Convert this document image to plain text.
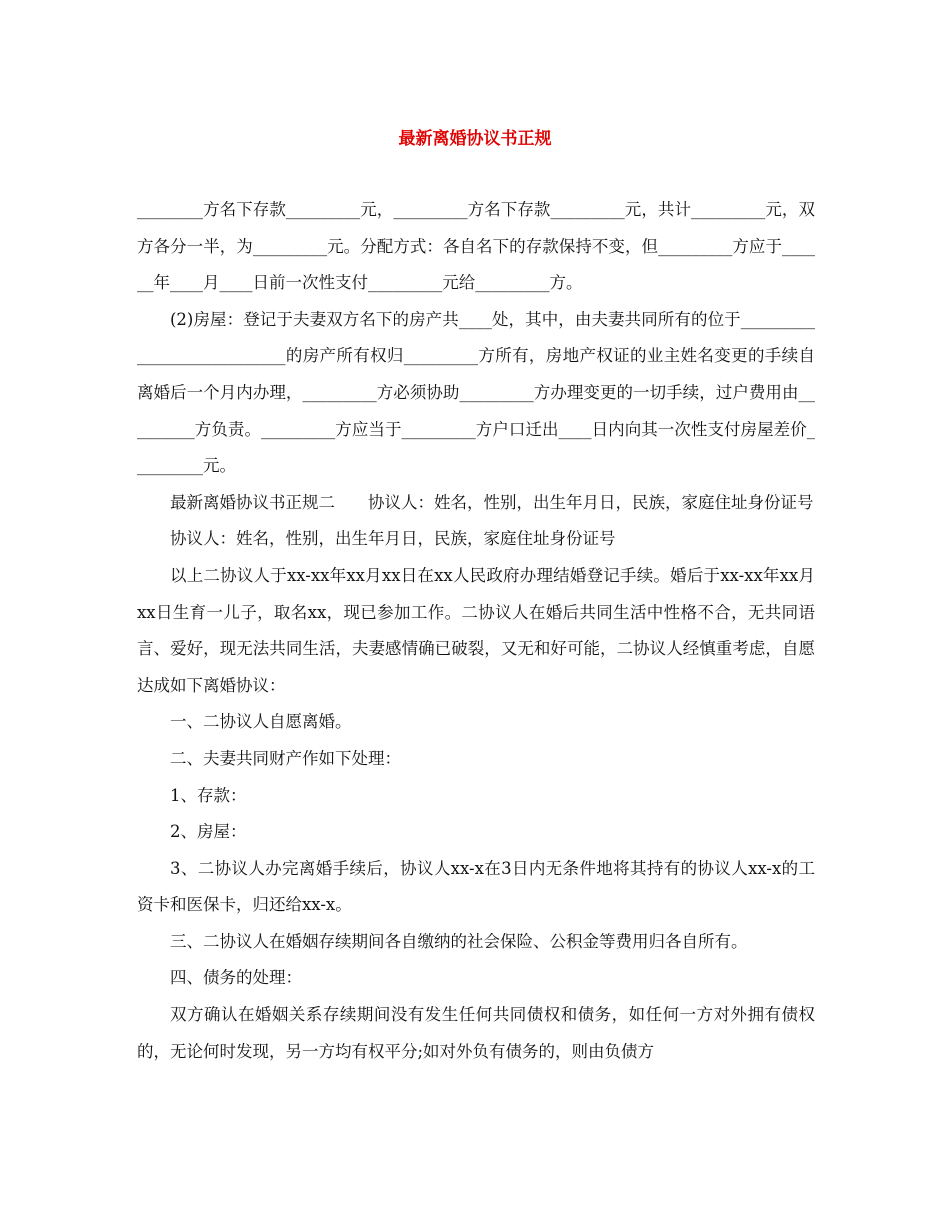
最新离婚协议书正规

________方名下存款_________元，_________方名下存款_________元，共计_________元，双方各分一半，为_________元。分配方式：各自名下的存款保持不变，但_________方应于______年____月____日前一次性支付_________元给_________方。

(2)房屋：登记于夫妻双方名下的房产共____处，其中，由夫妻共同所有的位于___________________________的房产所有权归_________方所有，房地产权证的业主姓名变更的手续自离婚后一个月内办理，_________方必须协助_________方办理变更的一切手续，过户费用由_________方负责。_________方应当于_________方户口迁出____日内向其一次性支付房屋差价_________元。

最新离婚协议书正规二　　协议人：姓名，性别，出生年月日，民族，家庭住址身份证号

协议人：姓名，性别，出生年月日，民族，家庭住址身份证号

以上二协议人于xx-xx年xx月xx日在xx人民政府办理结婚登记手续。婚后于xx-xx年xx月xx日生育一儿子，取名xx，现已参加工作。二协议人在婚后共同生活中性格不合，无共同语言、爱好，现无法共同生活，夫妻感情确已破裂，又无和好可能，二协议人经慎重考虑，自愿达成如下离婚协议：

一、二协议人自愿离婚。

二、夫妻共同财产作如下处理：

1、存款：

2、房屋：

3、二协议人办完离婚手续后，协议人xx-x在3日内无条件地将其持有的协议人xx-x的工资卡和医保卡，归还给xx-x。

三、二协议人在婚姻存续期间各自缴纳的社会保险、公积金等费用归各自所有。

四、债务的处理：

双方确认在婚姻关系存续期间没有发生任何共同债权和债务，如任何一方对外拥有债权的，无论何时发现，另一方均有权平分;如对外负有债务的，则由负债方
